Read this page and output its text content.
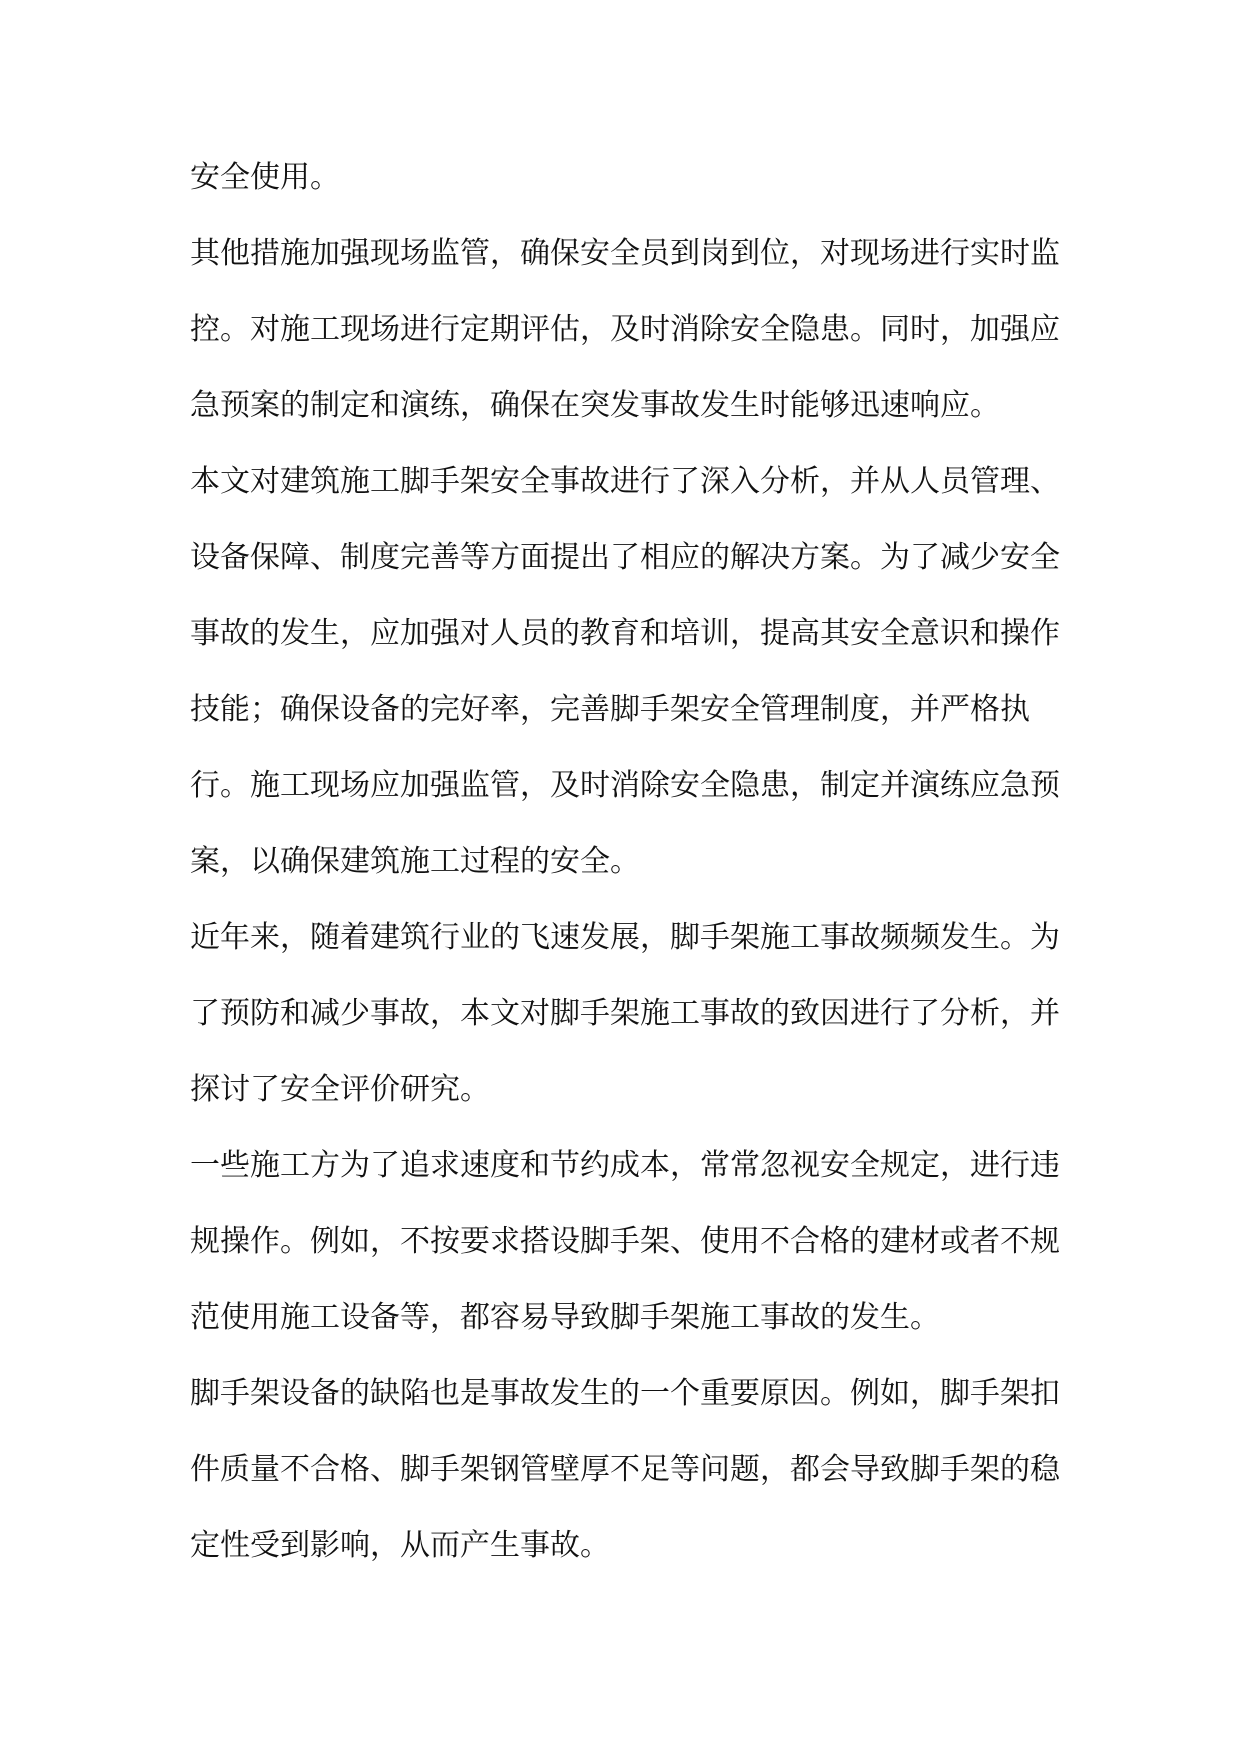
安全使用。
其他措施加强现场监管，确保安全员到岗到位，对现场进行实时监
控。对施工现场进行定期评估，及时消除安全隐患。同时，加强应
急预案的制定和演练，确保在突发事故发生时能够迅速响应。
本文对建筑施工脚手架安全事故进行了深入分析，并从人员管理、
设备保障、制度完善等方面提出了相应的解决方案。为了减少安全
事故的发生，应加强对人员的教育和培训，提高其安全意识和操作
技能；确保设备的完好率，完善脚手架安全管理制度，并严格执
行。施工现场应加强监管，及时消除安全隐患，制定并演练应急预
案，以确保建筑施工过程的安全。
近年来，随着建筑行业的飞速发展，脚手架施工事故频频发生。为
了预防和减少事故，本文对脚手架施工事故的致因进行了分析，并
探讨了安全评价研究。
一些施工方为了追求速度和节约成本，常常忽视安全规定，进行违
规操作。例如，不按要求搭设脚手架、使用不合格的建材或者不规
范使用施工设备等，都容易导致脚手架施工事故的发生。
脚手架设备的缺陷也是事故发生的一个重要原因。例如，脚手架扣
件质量不合格、脚手架钢管壁厚不足等问题，都会导致脚手架的稳
定性受到影响，从而产生事故。
